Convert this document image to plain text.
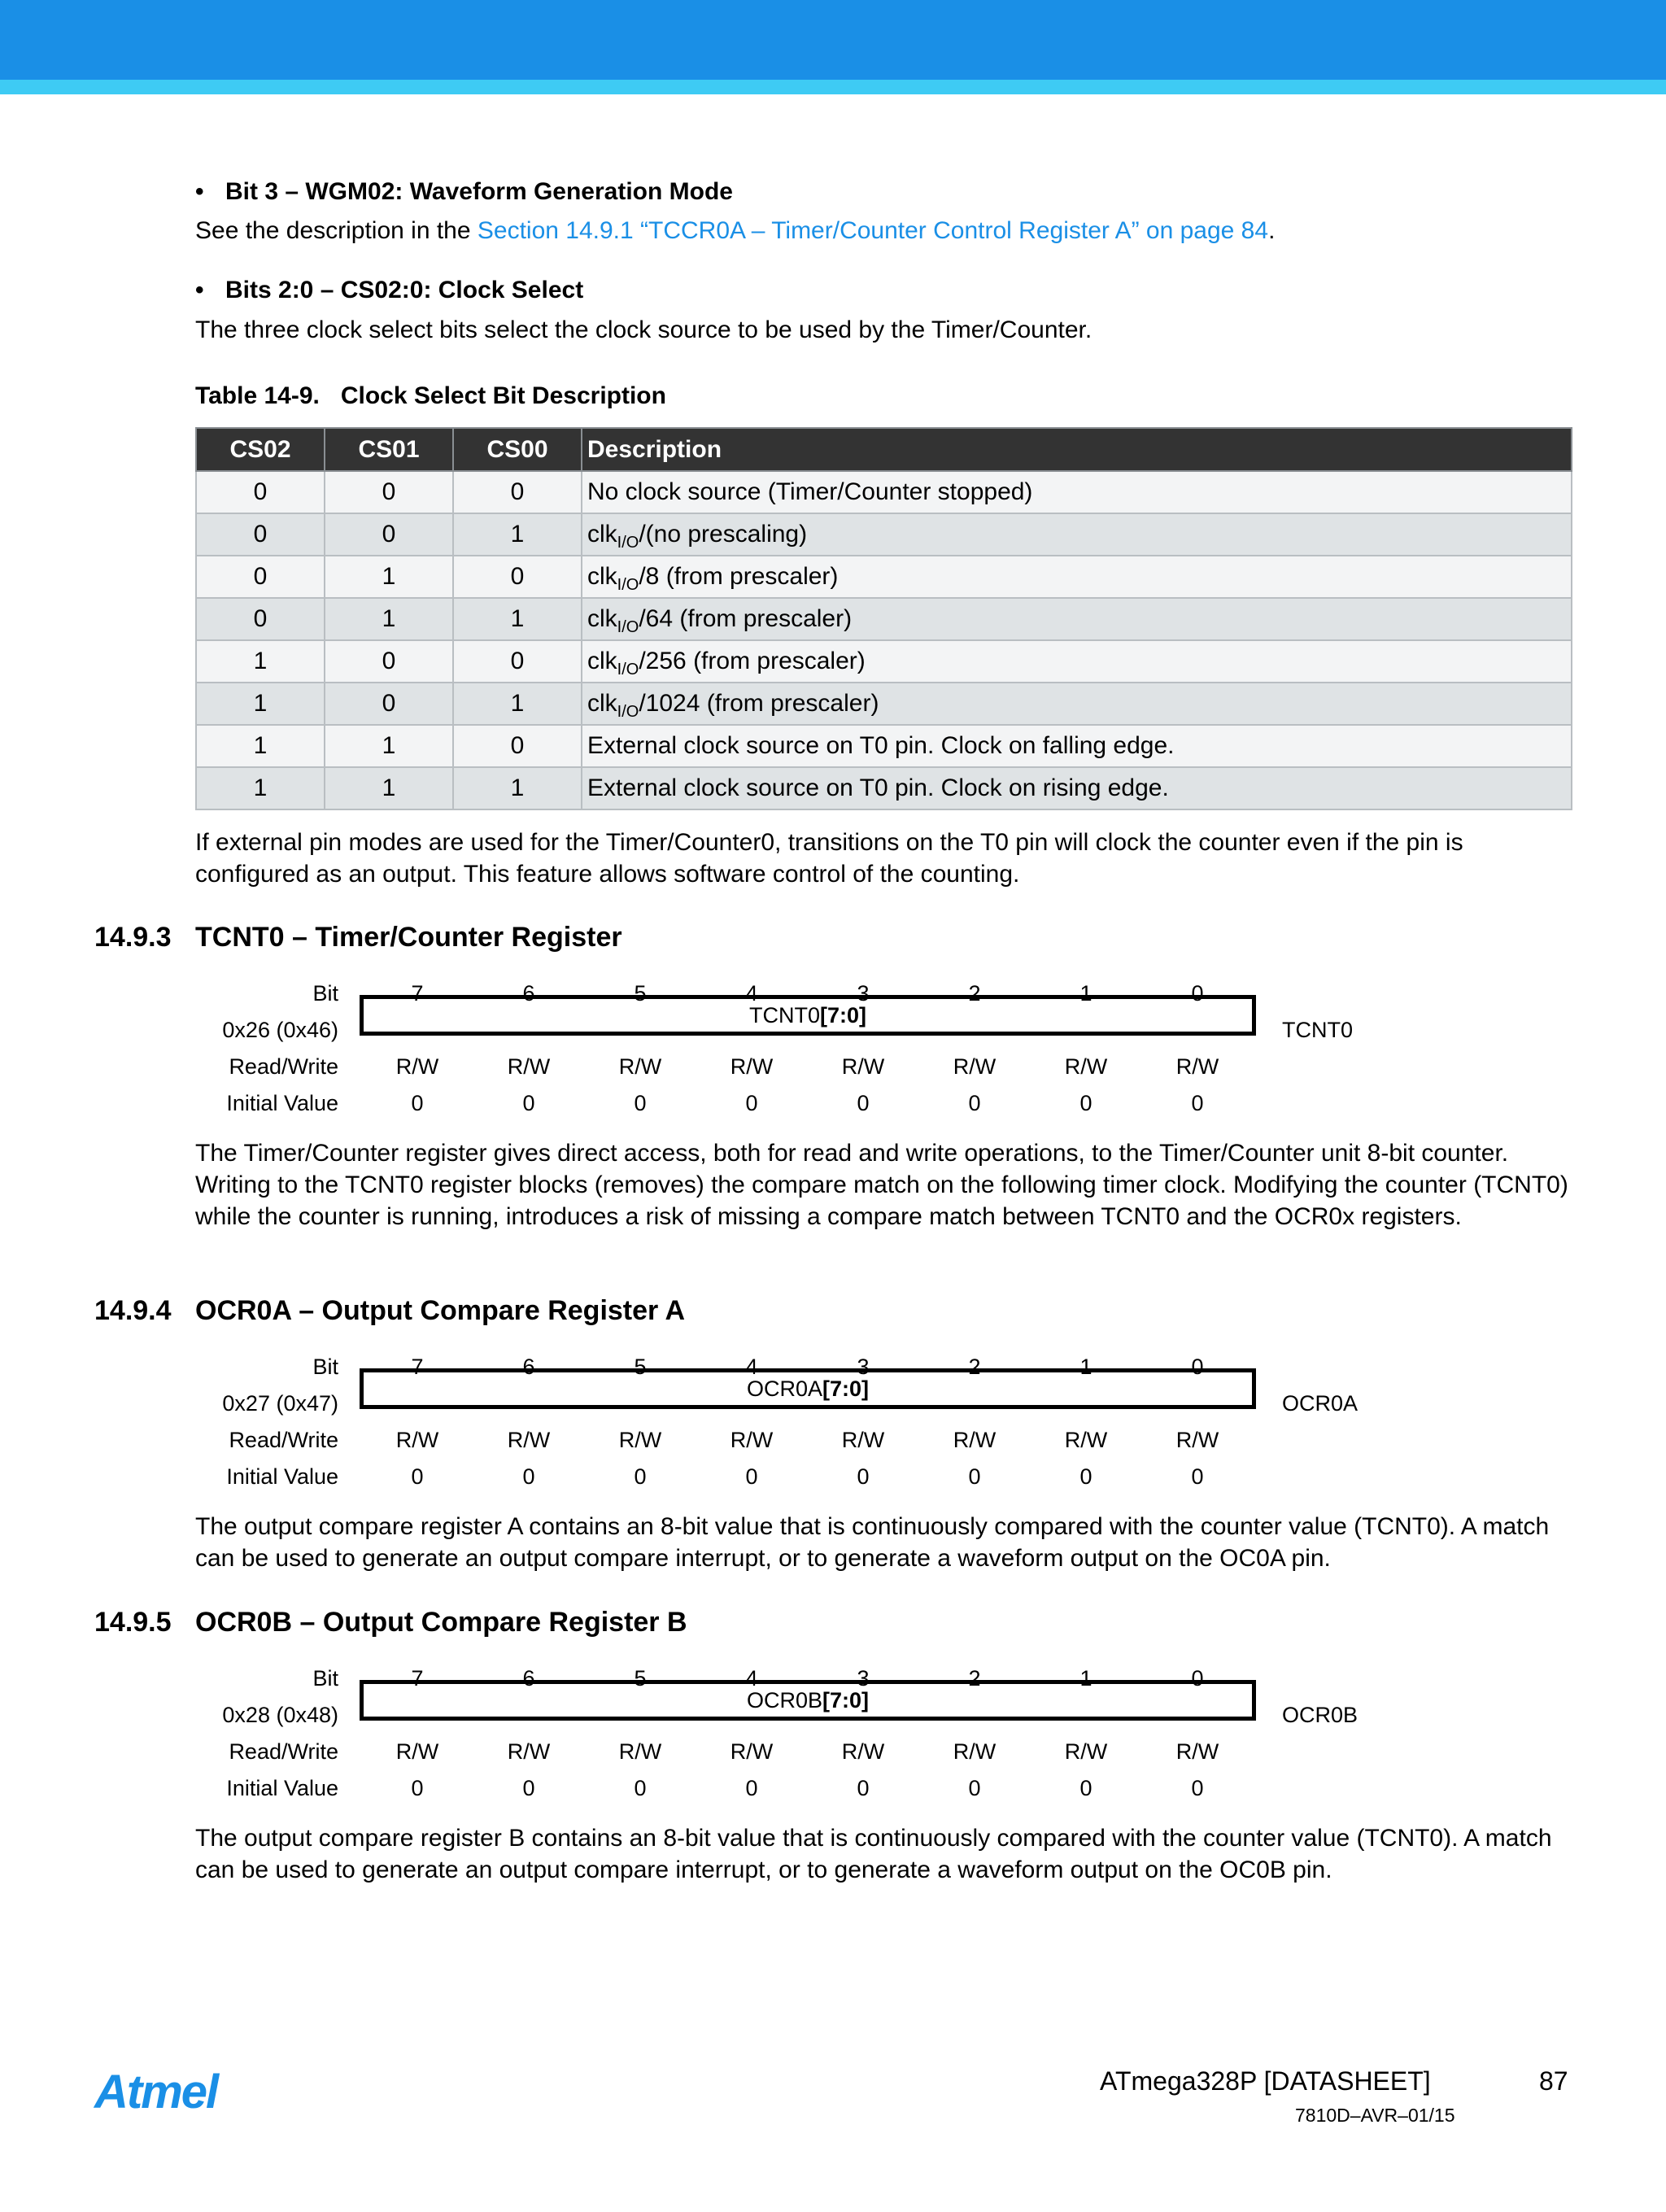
• Bit 3 – WGM02: Waveform Generation Mode
See the description in the Section 14.9.1 “TCCR0A – Timer/Counter Control Register A” on page 84.
• Bits 2:0 – CS02:0: Clock Select
The three clock select bits select the clock source to be used by the Timer/Counter.
Table 14-9. Clock Select Bit Description
CS02	CS01	CS00	Description
0	0	0	No clock source (Timer/Counter stopped)
0	0	1	clk$_{I/O}$/(no prescaling)
0	1	0	clk$_{I/O}$/8 (from prescaler)
0	1	1	clk$_{I/O}$/64 (from prescaler)
1	0	0	clk$_{I/O}$/256 (from prescaler)
1	0	1	clk$_{I/O}$/1024 (from prescaler)
1	1	0	External clock source on T0 pin. Clock on falling edge.
1	1	1	External clock source on T0 pin. Clock on rising edge.
If external pin modes are used for the Timer/Counter0, transitions on the T0 pin will clock the counter even if the pin is configured as an output. This feature allows software control of the counting.
14.9.3 TCNT0 – Timer/Counter Register
Bit	7	6	5	4	3	2	1	0
0x26 (0x46)
TCNT0[7:0]
TCNT0
Read/Write	R/W	R/W	R/W	R/W	R/W	R/W	R/W	R/W
Initial Value	0	0	0	0	0	0	0	0
The Timer/Counter register gives direct access, both for read and write operations, to the Timer/Counter unit 8-bit counter. Writing to the TCNT0 register blocks (removes) the compare match on the following timer clock. Modifying the counter (TCNT0) while the counter is running, introduces a risk of missing a compare match between TCNT0 and the OCR0x registers.
14.9.4 OCR0A – Output Compare Register A
Bit	7	6	5	4	3	2	1	0
0x27 (0x47)
OCR0A[7:0]
OCR0A
Read/Write	R/W	R/W	R/W	R/W	R/W	R/W	R/W	R/W
Initial Value	0	0	0	0	0	0	0	0
The output compare register A contains an 8-bit value that is continuously compared with the counter value (TCNT0). A match can be used to generate an output compare interrupt, or to generate a waveform output on the OC0A pin.
14.9.5 OCR0B – Output Compare Register B
Bit	7	6	5	4	3	2	1	0
0x28 (0x48)
OCR0B[7:0]
OCR0B
Read/Write	R/W	R/W	R/W	R/W	R/W	R/W	R/W	R/W
Initial Value	0	0	0	0	0	0	0	0
The output compare register B contains an 8-bit value that is continuously compared with the counter value (TCNT0). A match can be used to generate an output compare interrupt, or to generate a waveform output on the OC0B pin.
Atmel	ATmega328P [DATASHEET]	87
7810D–AVR–01/15
